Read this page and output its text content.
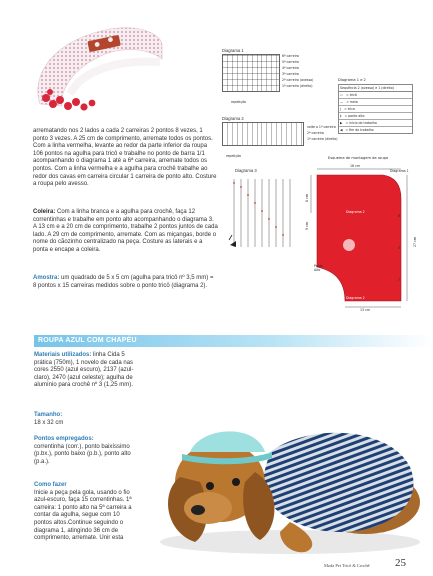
Diagrama 1
6ª carreira
5ª carreira
4ª carreira
3ª carreira
2ª carreira (avesso)
1ª carreira (direito)
repetição
Diagrama 1 e 2
Sequência 2 (avesso) e 1 (direito)
▭ = tricô
— = meia
| = trico
ǂ = ponto alto
▶ = início do trabalho
◀ = fim do trabalho
Diagrama 2
volte a 1ª carreira
2ª carreira
1ª carreira (direito)
repetição
arrematando nos 2 lados a cada 2 carreiras 2 pontos 8 vezes, 1 ponto 3 vezes. A 25 cm de comprimento, arremate todos os pontos. Com a linha vermelha, levante ao redor da parte inferior da roupa 106 pontos na agulha para tricô e trabalhe no ponto de barra 1/1 acompanhando o diagrama 1 até a 6ª carreira, arremate todos os pontos. Com a linha vermelha e a agulha para crochê trabalhe ao redor dos cavas em carreira circular 1 carreira de ponto alto. Costure a roupa pelo avesso.
Coleira: Com a linha branca e a agulha para crochê, faça 12 correntinhas e trabalhe em ponto alto acompanhando o diagrama 3. A 13 cm e a 20 cm de comprimento, trabalhe 2 pontos juntos de cada lado. A 29 cm de comprimento, arremate. Com as miçangas, borde o nome do cãozinho centralizado na peça. Costure as laterais e a ponta e encape a coleira.
Amostra: um quadrado de 5 x 5 cm (agulha para tricô nº 3,5 mm) = 8 pontos x 15 carreiras medidos sobre o ponto tricô (diagrama 2).
Diagrama 3
Esquema de montagem da roupa
16 cm
27 cm
13 cm
8 cm
9 cm
Diagrama 1
Diagrama 2
Diagrama 2
Ponto Alto
6
3
7
ROUPA AZUL COM CHAPÉU
Materiais utilizados: linha Cida 5 prática (750m), 1 novelo de cada nas cores 2550 (azul escuro), 2137 (azul-claro), 2470 (azul celeste); agulha de alumínio para crochê nº 3 (1,25 mm).
Tamanho:
18 x 32 cm
Pontos empregados:
correntinha (corr.), ponto baixíssimo (p.bx.), ponto baixo (p.b.), ponto alto (p.a.).
Como fazer
Inicie a peça pela gola, usando o fio azul-escuro, faça 15 correntinhas. 1ª carreira: 1 ponto alto na 5ª carreira a contar da agulha, segue com 10 pontos altos.Continue seguindo o diagrama 1, atingindo 36 cm de comprimento, arremate. Unir esta
Moda Pet Tricô & Crochê 25
